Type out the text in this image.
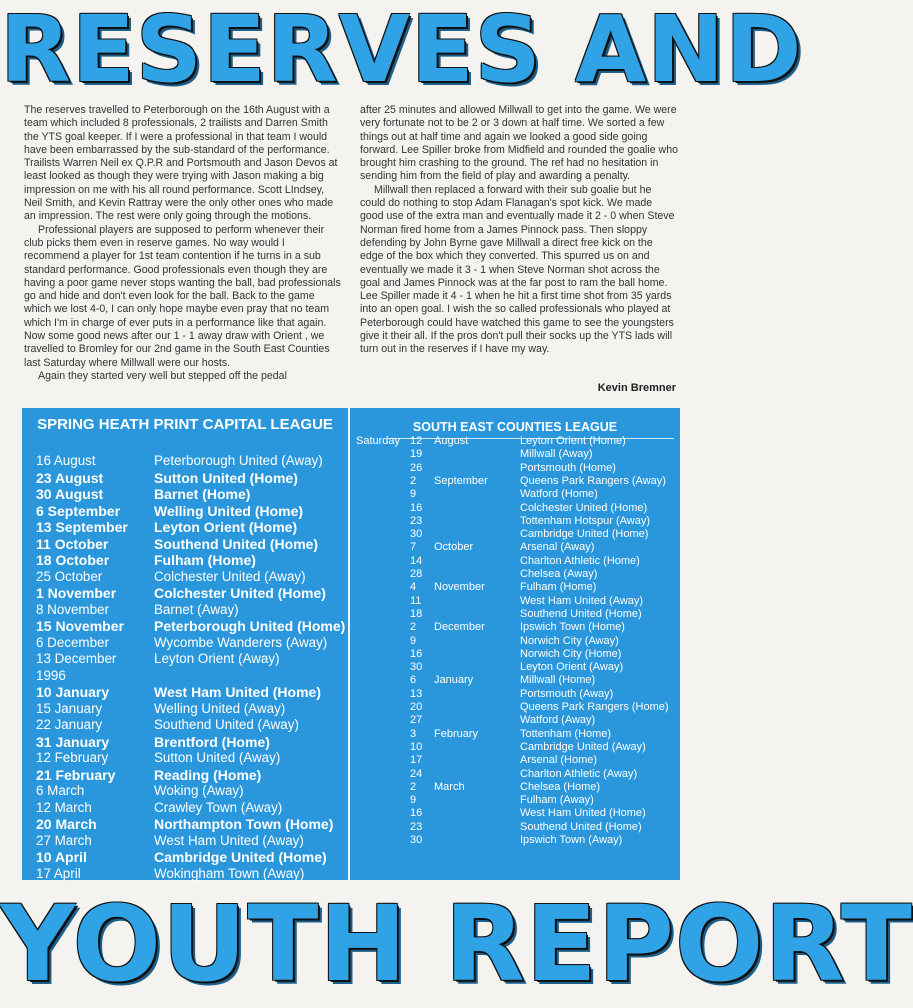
RESERVES AND

The reserves travelled to Peterborough on the 16th August with a team which included 8 professionals, 2 trailists and Darren Smith the YTS goal keeper. If I were a professional in that team I would have been embarrassed by the sub-standard of the performance. Trailists Warren Neil ex Q.P.R and Portsmouth and Jason Devos at least looked as though they were trying with Jason making a big impression on me with his all round performance. Scott LIndsey, Neil Smith, and Kevin Rattray were the only other ones who made an impression. The rest were only going through the motions.

Professional players are supposed to perform whenever their club picks them even in reserve games. No way would I recommend a player for 1st team contention if he turns in a sub standard performance. Good professionals even though they are having a poor game never stops wanting the ball, bad professionals go and hide and don't even look for the ball. Back to the game which we lost 4-0, I can only hope maybe even pray that no team which I'm in charge of ever puts in a performance like that again. Now some good news after our 1 - 1 away draw with Orient , we travelled to Bromley for our 2nd game in the South East Counties last Saturday where Millwall were our hosts.

Again they started very well but stepped off the pedal

after 25 minutes and allowed Millwall to get into the game. We were very fortunate not to be 2 or 3 down at half time. We sorted a few things out at half time and again we looked a good side going forward. Lee Spiller broke from Midfield and rounded the goalie who brought him crashing to the ground. The ref had no hesitation in sending him from the field of play and awarding a penalty.

Millwall then replaced a forward with their sub goalie but he could do nothing to stop Adam Flanagan's spot kick. We made good use of the extra man and eventually made it 2 - 0 when Steve Norman fired home from a James Pinnock pass. Then sloppy defending by John Byrne gave Millwall a direct free kick on the edge of the box which they converted. This spurred us on and eventually we made it 3 - 1 when Steve Norman shot across the goal and James Pinnock was at the far post to ram the ball home. Lee Spiller made it 4 - 1 when he hit a first time shot from 35 yards into an open goal. I wish the so called professionals who played at Peterborough could have watched this game to see the youngsters give it their all. If the pros don't pull their socks up the YTS lads will turn out in the reserves if I have my way.

Kevin Bremner
SPRING HEATH PRINT CAPITAL LEAGUE
16 August	Peterborough United (Away)
23 August	Sutton United (Home)
30 August	Barnet (Home)
6 September Welling United (Home)
13 September Leyton Orient (Home)
11 October	Southend United (Home)
18 October	Fulham (Home)
25 October	Colchester United (Away)
1 November	Colchester United (Home)
8 November	Barnet (Away)
15 November Peterborough United (Home)
6 December	Wycombe Wanderers (Away)
13 December	Leyton Orient (Away)
1996
10 January	West Ham United (Home)
15 January	Welling United (Away)
22 January	Southend United (Away)
31 January	Brentford (Home)
12 February	Sutton United (Away)
21 February	Reading (Home)
6 March	Woking (Away)
12 March	Crawley Town (Away)
20 March	Northampton Town (Home)
27 March	West Ham United (Away)
10 April	Cambridge United (Home)
17 April	Wokingham Town (Away)
SOUTH EAST COUNTIES LEAGUE
Saturday 12 August	Leyton Orient (Home)
19	Millwall (Away)
26	Portsmouth (Home)
2 September	Queens Park Rangers (Away)
9	Watford (Home)
16	Colchester United (Home)
23	Tottenham Hotspur (Away)
30	Cambridge United (Home)
7 October	Arsenal (Away)
14	Charlton Athletic (Home)
28	Chelsea (Away)
4 November	Fulham (Home)
11	West Ham United (Away)
18	Southend United (Home)
2 December	Ipswich Town (Home)
9	Norwich City (Away)
16	Norwich City (Home)
30	Leyton Orient (Away)
6 January	Millwall (Home)
13	Portsmouth (Away)
20	Queens Park Rangers (Home)
27	Watford (Away)
3 February	Tottenham (Home)
10	Cambridge United (Away)
17	Arsenal (Home)
24	Charlton Athletic (Away)
2 March	Chelsea (Home)
9	Fulham (Away)
16	West Ham United (Home)
23	Southend United (Home)
30	Ipswich Town (Away)
YOUTH REPORT
